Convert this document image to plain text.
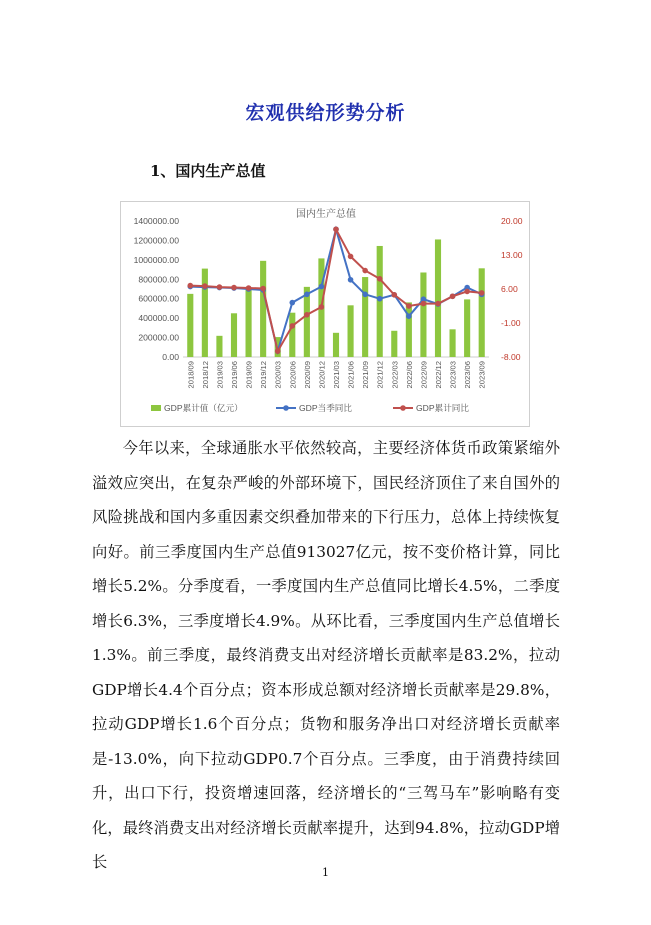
宏观供给形势分析
1、国内生产总值
国内生产总值
0.00
200000.00
400000.00
600000.00
800000.00
1000000.00
1200000.00
1400000.00
-8.00
-1.00
6.00
13.00
20.00
2018/09 2018/12 2019/03 2019/06 2019/09 2019/12 2020/03 2020/06 2020/09 2020/12 2021/03 2021/06 2021/09 2021/12 2022/03 2022/06 2022/09 2022/12 2023/03 2023/06 2023/09
GDP累计值（亿元）	GDP当季同比	GDP累计同比

今年以来，全球通胀水平依然较高，主要经济体货币政策紧缩外溢效应突出，在复杂严峻的外部环境下，国民经济顶住了来自国外的风险挑战和国内多重因素交织叠加带来的下行压力，总体上持续恢复向好。前三季度国内生产总值913027亿元，按不变价格计算，同比增长5.2%。分季度看，一季度国内生产总值同比增长4.5%，二季度增长6.3%，三季度增长4.9%。从环比看，三季度国内生产总值增长1.3%。前三季度，最终消费支出对经济增长贡献率是83.2%，拉动GDP增长4.4个百分点；资本形成总额对经济增长贡献率是29.8%，拉动GDP增长1.6个百分点；货物和服务净出口对经济增长贡献率是-13.0%，向下拉动GDP0.7个百分点。三季度，由于消费持续回升，出口下行，投资增速回落，经济增长的“三驾马车”影响略有变化，最终消费支出对经济增长贡献率提升，达到94.8%，拉动GDP增长

1
